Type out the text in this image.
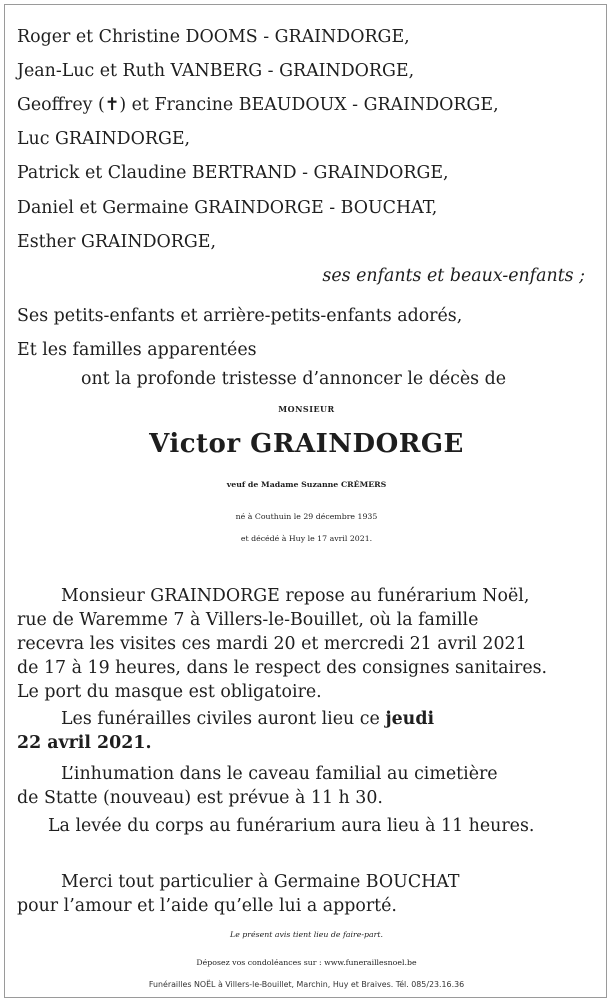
Roger et Christine DOOMS - GRAINDORGE,
Jean-Luc et Ruth VANBERG - GRAINDORGE,
Geoffrey (✝) et Francine BEAUDOUX - GRAINDORGE,
Luc GRAINDORGE,
Patrick et Claudine BERTRAND - GRAINDORGE,
Daniel et Germaine GRAINDORGE - BOUCHAT,
Esther GRAINDORGE,
ses enfants et beaux-enfants ;
Ses petits-enfants et arrière-petits-enfants adorés,
Et les familles apparentées
ont la profonde tristesse d’annoncer le décès de
MONSIEUR
Victor GRAINDORGE
veuf de Madame Suzanne CRÉMERS
né à Couthuin le 29 décembre 1935
et décédé à Huy le 17 avril 2021.
Monsieur GRAINDORGE repose au funérarium Noël,
rue de Waremme 7 à Villers-le-Bouillet, où la famille
recevra les visites ces mardi 20 et mercredi 21 avril 2021
de 17 à 19 heures, dans le respect des consignes sanitaires.
Le port du masque est obligatoire.
Les funérailles civiles auront lieu ce jeudi
22 avril 2021.
L’inhumation dans le caveau familial au cimetière
de Statte (nouveau) est prévue à 11 h 30.
La levée du corps au funérarium aura lieu à 11 heures.
Merci tout particulier à Germaine BOUCHAT
pour l’amour et l’aide qu’elle lui a apporté.
Le présent avis tient lieu de faire-part.
Déposez vos condoléances sur : www.funeraillesnoel.be
Funérailles NOËL à Villers-le-Bouillet, Marchin, Huy et Braives. Tél. 085/23.16.36
